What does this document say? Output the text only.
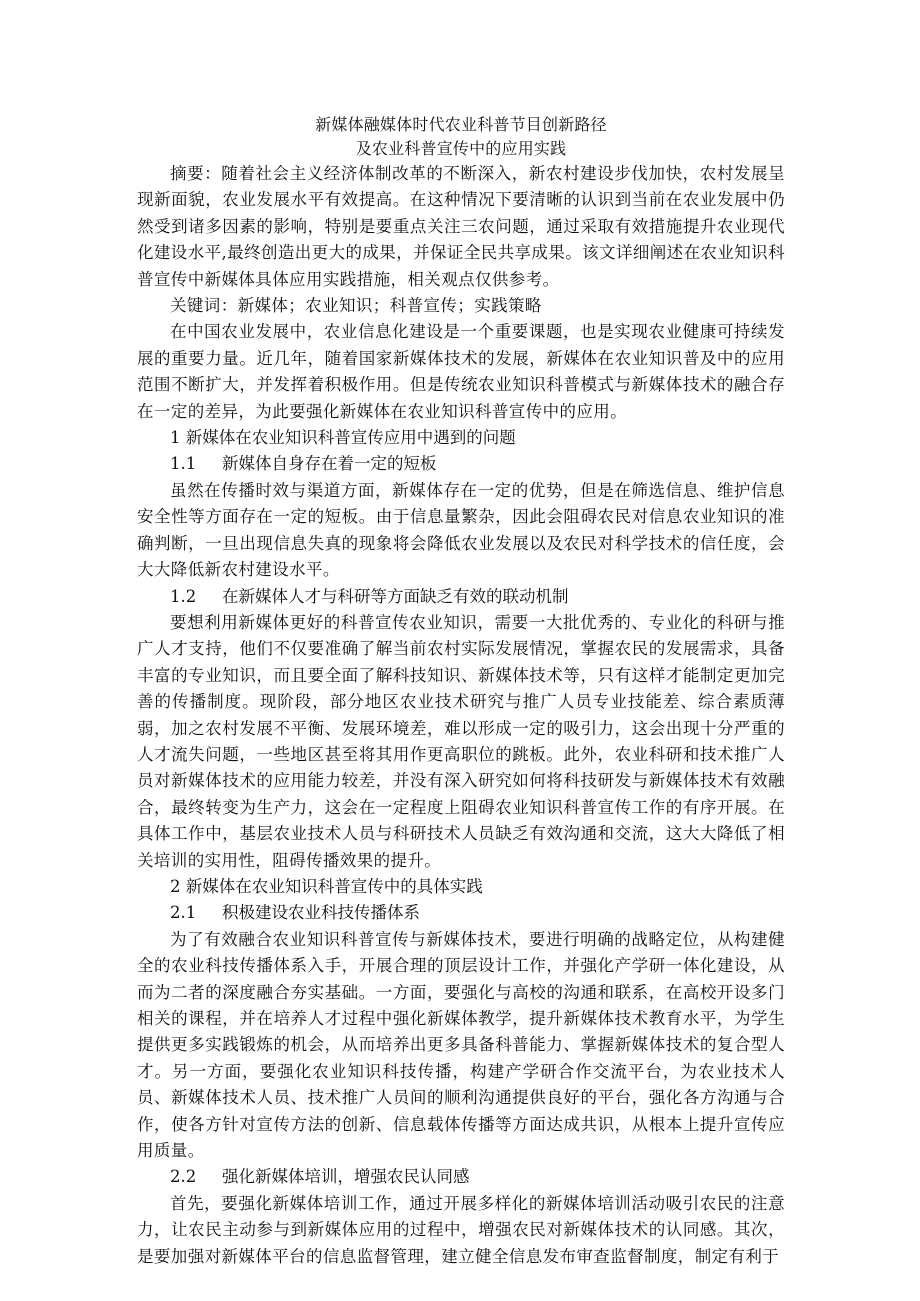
新媒体融媒体时代农业科普节目创新路径

及农业科普宣传中的应用实践

摘要：随着社会主义经济体制改革的不断深入，新农村建设步伐加快，农村发展呈现新面貌，农业发展水平有效提高。在这种情况下要清晰的认识到当前在农业发展中仍然受到诸多因素的影响，特别是要重点关注三农问题，通过采取有效措施提升农业现代化建设水平,最终创造出更大的成果，并保证全民共享成果。该文详细阐述在农业知识科普宣传中新媒体具体应用实践措施，相关观点仅供参考。

关键词：新媒体；农业知识；科普宣传；实践策略

在中国农业发展中，农业信息化建设是一个重要课题，也是实现农业健康可持续发展的重要力量。近几年，随着国家新媒体技术的发展，新媒体在农业知识普及中的应用范围不断扩大，并发挥着积极作用。但是传统农业知识科普模式与新媒体技术的融合存在一定的差异，为此要强化新媒体在农业知识科普宣传中的应用。

1 新媒体在农业知识科普宣传应用中遇到的问题

1.1 新媒体自身存在着一定的短板

虽然在传播时效与渠道方面，新媒体存在一定的优势，但是在筛选信息、维护信息安全性等方面存在一定的短板。由于信息量繁杂，因此会阻碍农民对信息农业知识的准确判断，一旦出现信息失真的现象将会降低农业发展以及农民对科学技术的信任度，会大大降低新农村建设水平。

1.2 在新媒体人才与科研等方面缺乏有效的联动机制

要想利用新媒体更好的科普宣传农业知识，需要一大批优秀的、专业化的科研与推广人才支持，他们不仅要准确了解当前农村实际发展情况，掌握农民的发展需求，具备丰富的专业知识，而且要全面了解科技知识、新媒体技术等，只有这样才能制定更加完善的传播制度。现阶段，部分地区农业技术研究与推广人员专业技能差、综合素质薄弱，加之农村发展不平衡、发展环境差，难以形成一定的吸引力，这会出现十分严重的人才流失问题，一些地区甚至将其用作更高职位的跳板。此外，农业科研和技术推广人员对新媒体技术的应用能力较差，并没有深入研究如何将科技研发与新媒体技术有效融合，最终转变为生产力，这会在一定程度上阻碍农业知识科普宣传工作的有序开展。在具体工作中，基层农业技术人员与科研技术人员缺乏有效沟通和交流，这大大降低了相关培训的实用性，阻碍传播效果的提升。

2 新媒体在农业知识科普宣传中的具体实践

2.1 积极建设农业科技传播体系

为了有效融合农业知识科普宣传与新媒体技术，要进行明确的战略定位，从构建健全的农业科技传播体系入手，开展合理的顶层设计工作，并强化产学研一体化建设，从而为二者的深度融合夯实基础。一方面，要强化与高校的沟通和联系，在高校开设多门相关的课程，并在培养人才过程中强化新媒体教学，提升新媒体技术教育水平，为学生提供更多实践锻炼的机会，从而培养出更多具备科普能力、掌握新媒体技术的复合型人才。另一方面，要强化农业知识科技传播，构建产学研合作交流平台，为农业技术人员、新媒体技术人员、技术推广人员间的顺利沟通提供良好的平台，强化各方沟通与合作，使各方针对宣传方法的创新、信息载体传播等方面达成共识，从根本上提升宣传应用质量。

2.2 强化新媒体培训，增强农民认同感

首先，要强化新媒体培训工作，通过开展多样化的新媒体培训活动吸引农民的注意力，让农民主动参与到新媒体应用的过程中，增强农民对新媒体技术的认同感。其次，是要加强对新媒体平台的信息监督管理，建立健全信息发布审查监督制度，制定有利于
